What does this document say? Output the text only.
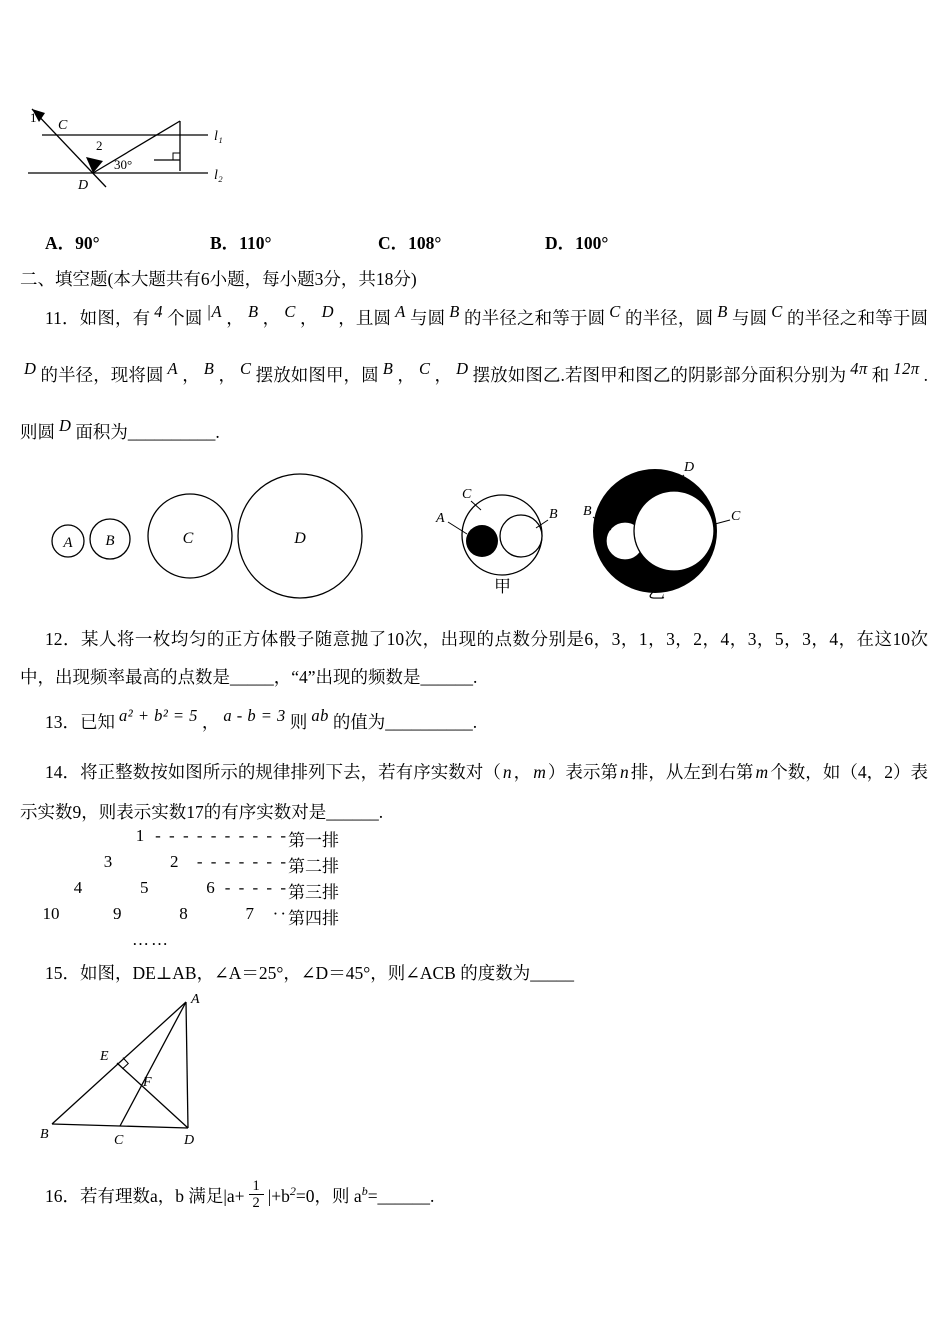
1
2
C
D
30°
l₁
l₂
A．90°	B．110°	C．108°	D．100°
二、填空题(本大题共有6小题，每小题3分，共18分)

11．如图，有 4 个圆 |A ， B ， C ， D ，且圆 A 与圆 B 的半径之和等于圆 C 的半径，圆 B 与圆 C 的半径之和等于圆D 的半径，现将圆 A ， B ， C 摆放如图甲，圆 B ， C ， D 摆放如图乙.若图甲和图乙的阴影部分面积分别为 4π 和 12π .则圆 D 面积为__________.

A B	C	D
C
A	B
甲
D
B	C
乙

12．某人将一枚均匀的正方体骰子随意抛了10次，出现的点数分别是6，3，1，3，2，4，3，5，3，4，在这10次中，出现频率最高的点数是_____，“4”出现的频数是______.

13．已知 a² + b² = 5 ， a - b = 3 则 ab 的值为__________.

14．将正整数按如图所示的规律排列下去，若有序实数对（ n ， m ）表示第 n 排，从左到右第 m 个数，如（4，2）表示实数9，则表示实数17的有序实数对是______.

1 - - - - - - - - - - 第一排
3	2 - - - - - - - 第二排
4	5	6 - - - - - 第三排
10	9	8	7 ·· 第四排
……

15．如图，DE⊥AB，∠A＝25°，∠D＝45°，则∠ACB 的度数为_____

A
B	C	D
E
F

16．若有理数a，b 满足$|a+ \frac{1}{2} |+b^2=0$，则 $a^b=\_\_\_\_\_\_$.
